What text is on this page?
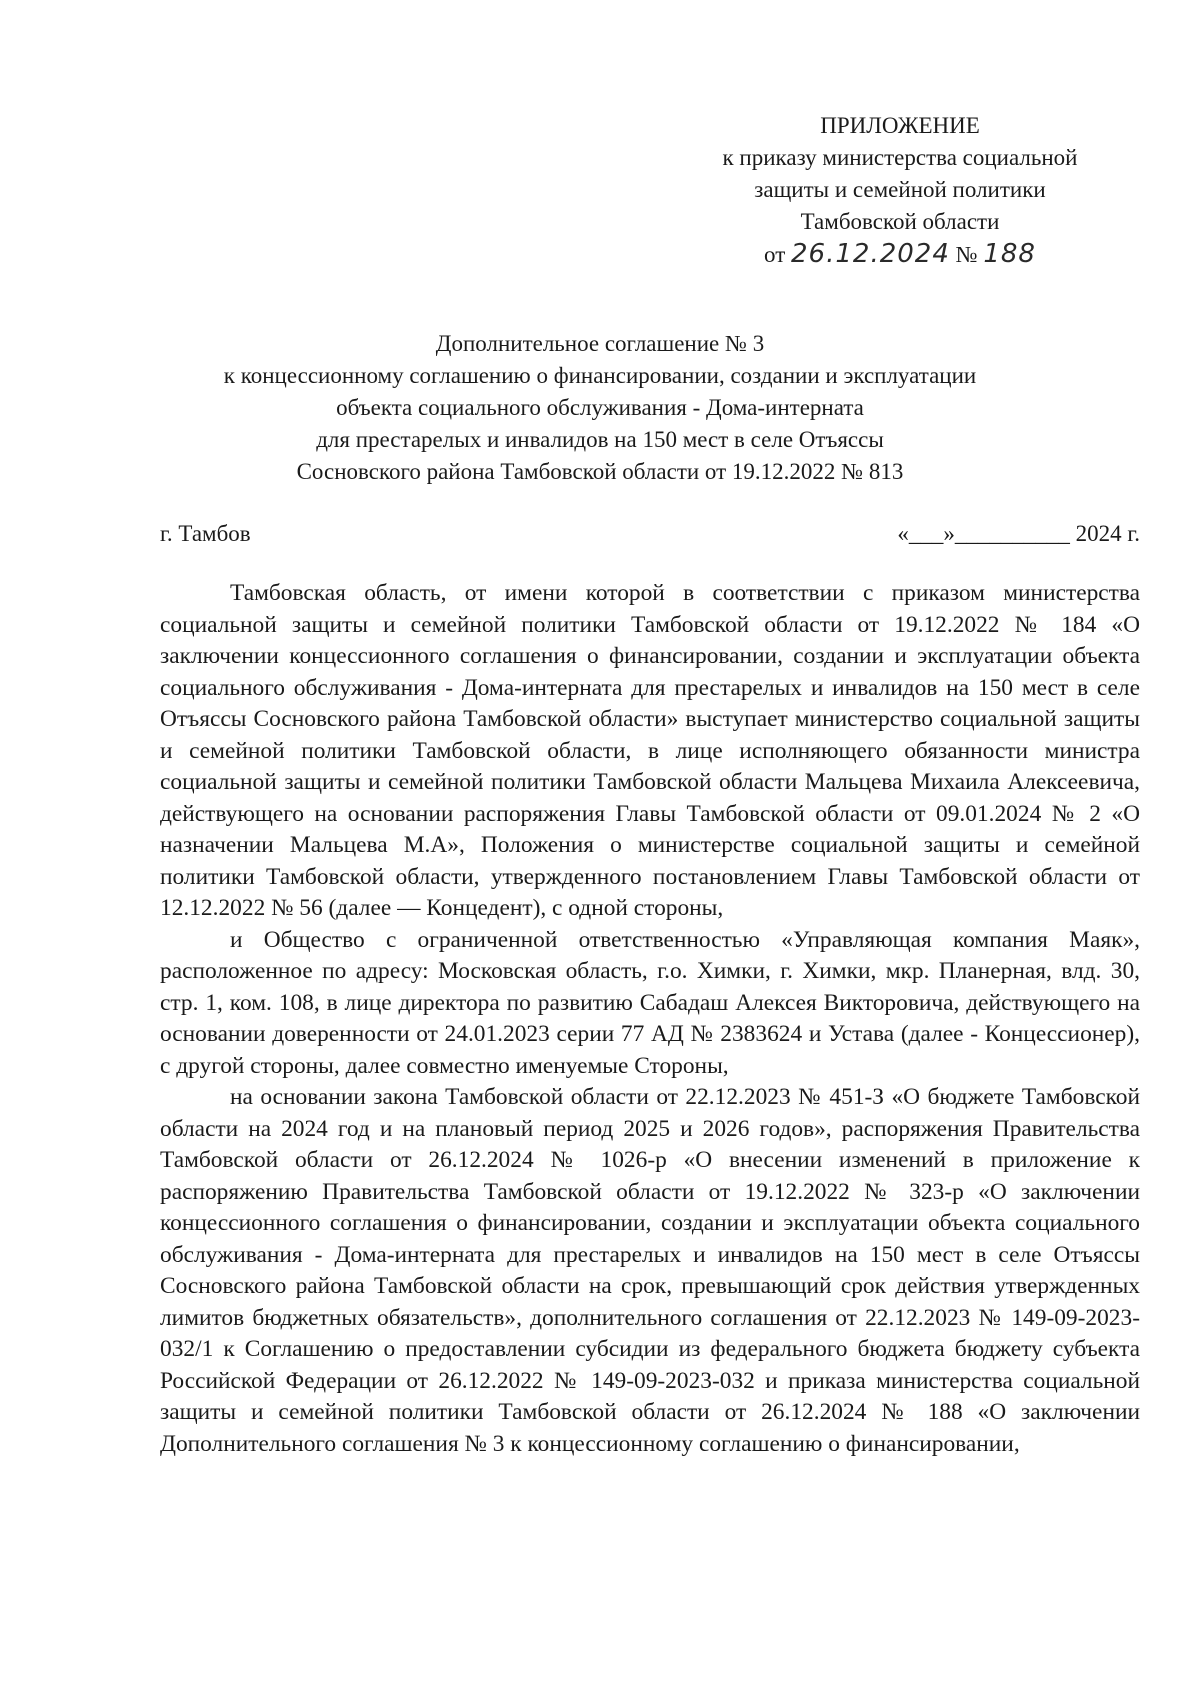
ПРИЛОЖЕНИЕ
к приказу министерства социальной
защиты и семейной политики
Тамбовской области
от 26.12.2024 № 188
Дополнительное соглашение № 3
к концессионному соглашению о финансировании, создании и эксплуатации
объекта социального обслуживания - Дома-интерната
для престарелых и инвалидов на 150 мест в селе Отъяссы
Сосновского района Тамбовской области от 19.12.2022 № 813
г. Тамбов	«___»__________ 2024 г.

Тамбовская область, от имени которой в соответствии с приказом министерства социальной защиты и семейной политики Тамбовской области от 19.12.2022 № 184 «О заключении концессионного соглашения о финансировании, создании и эксплуатации объекта социального обслуживания - Дома-интерната для престарелых и инвалидов на 150 мест в селе Отъяссы Сосновского района Тамбовской области» выступает министерство социальной защиты и семейной политики Тамбовской области, в лице исполняющего обязанности министра социальной защиты и семейной политики Тамбовской области Мальцева Михаила Алексеевича, действующего на основании распоряжения Главы Тамбовской области от 09.01.2024 № 2 «О назначении Мальцева М.А», Положения о министерстве социальной защиты и семейной политики Тамбовской области, утвержденного постановлением Главы Тамбовской области от 12.12.2022 № 56 (далее — Концедент), с одной стороны,

и Общество с ограниченной ответственностью «Управляющая компания Маяк», расположенное по адресу: Московская область, г.о. Химки, г. Химки, мкр. Планерная, влд. 30, стр. 1, ком. 108, в лице директора по развитию Сабадаш Алексея Викторовича, действующего на основании доверенности от 24.01.2023 серии 77 АД № 2383624 и Устава (далее - Концессионер), с другой стороны, далее совместно именуемые Стороны,

на основании закона Тамбовской области от 22.12.2023 № 451-З «О бюджете Тамбовской области на 2024 год и на плановый период 2025 и 2026 годов», распоряжения Правительства Тамбовской области от 26.12.2024 № 1026-р «О внесении изменений в приложение к распоряжению Правительства Тамбовской области от 19.12.2022 № 323-р «О заключении концессионного соглашения о финансировании, создании и эксплуатации объекта социального обслуживания - Дома-интерната для престарелых и инвалидов на 150 мест в селе Отъяссы Сосновского района Тамбовской области на срок, превышающий срок действия утвержденных лимитов бюджетных обязательств», дополнительного соглашения от 22.12.2023 № 149-09-2023-032/1 к Соглашению о предоставлении субсидии из федерального бюджета бюджету субъекта Российской Федерации от 26.12.2022 № 149-09-2023-032 и приказа министерства социальной защиты и семейной политики Тамбовской области от 26.12.2024 № 188 «О заключении Дополнительного соглашения № 3 к концессионному соглашению о финансировании,
